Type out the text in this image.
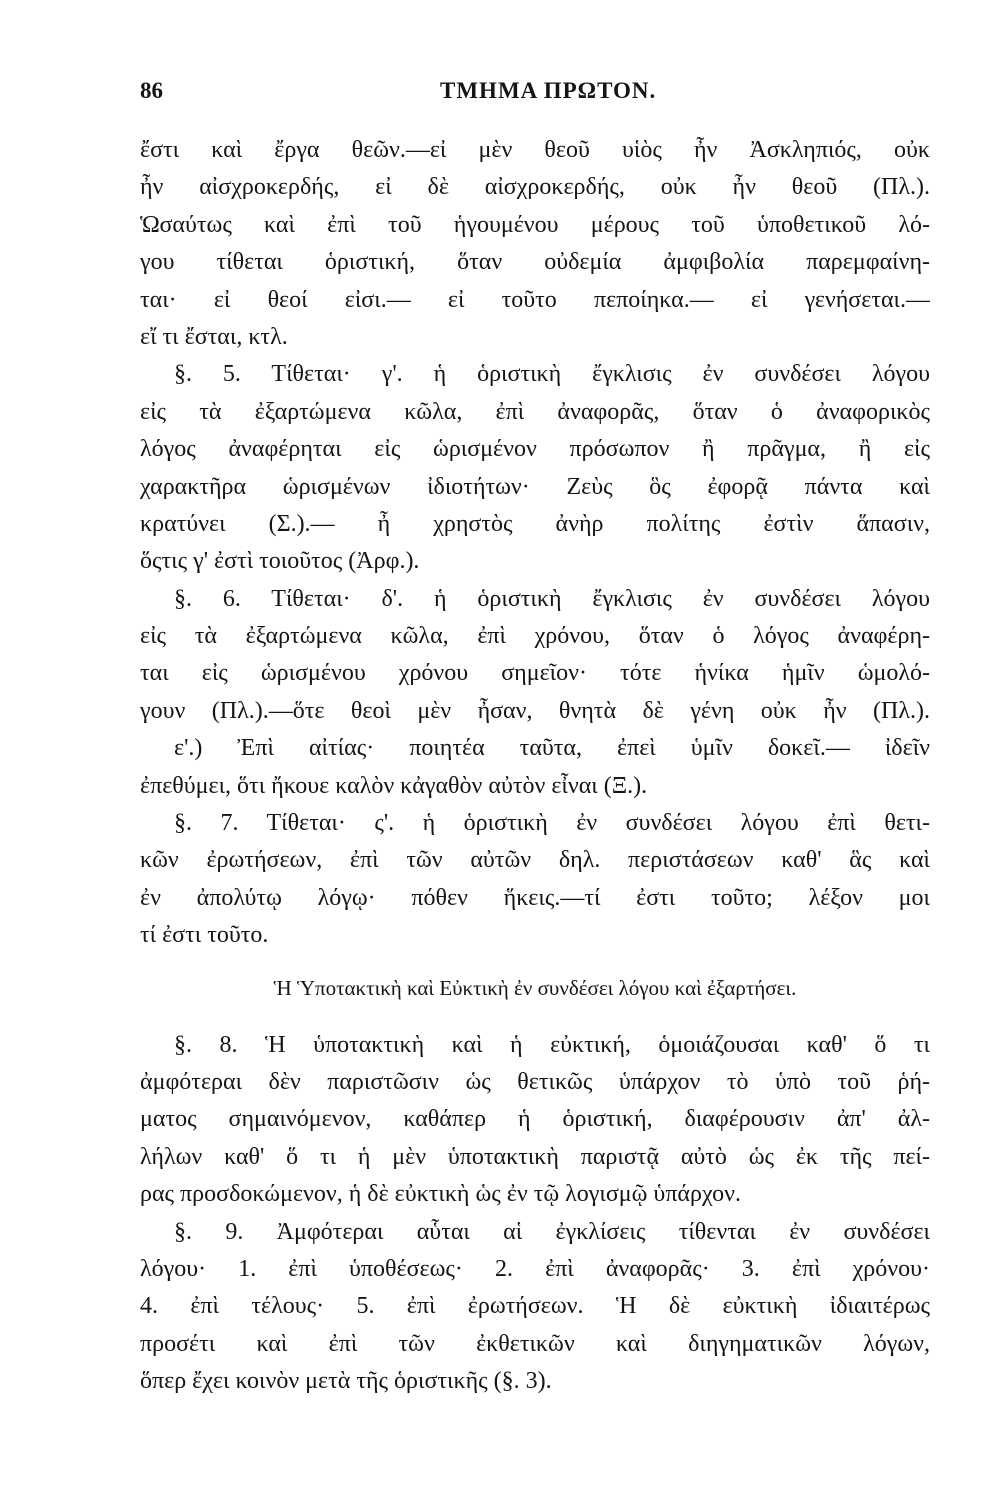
86	ΤΜΗΜΑ ΠΡΩΤΟΝ.
ἔστι καὶ ἔργα θεῶν.—εἰ μὲν θεοῦ υἱὸς ἦν Ἀσκληπιός, οὐκ
ἦν αἰσχροκερδής, εἰ δὲ αἰσχροκερδής, οὐκ ἦν θεοῦ (Πλ.).
Ὡσαύτως καὶ ἐπὶ τοῦ ἡγουμένου μέρους τοῦ ὑποθετικοῦ λό-
γου τίθεται ὁριστική, ὅταν οὐδεμία ἀμφιβολία παρεμφαίνη-
ται· εἰ θεοί εἰσι.— εἰ τοῦτο πεποίηκα.— εἰ γενήσεται.—
εἴ τι ἔσται, κτλ.
§. 5. Τίθεται· γ'. ἡ ὁριστικὴ ἔγκλισις ἐν συνδέσει λόγου
εἰς τὰ ἐξαρτώμενα κῶλα, ἐπὶ ἀναφορᾶς, ὅταν ὁ ἀναφορικὸς
λόγος ἀναφέρηται εἰς ὡρισμένον πρόσωπον ἢ πρᾶγμα, ἢ εἰς
χαρακτῆρα ὡρισμένων ἰδιοτήτων· Ζεὺς ὃς ἐφορᾷ πάντα καὶ
κρατύνει (Σ.).— ἦ χρηστὸς ἀνὴρ πολίτης ἐστὶν ἅπασιν,
ὅςτις γ' ἐστὶ τοιοῦτος (Ἀρφ.).
§. 6. Τίθεται· δ'. ἡ ὁριστικὴ ἔγκλισις ἐν συνδέσει λόγου
εἰς τὰ ἐξαρτώμενα κῶλα, ἐπὶ χρόνου, ὅταν ὁ λόγος ἀναφέρη-
ται εἰς ὡρισμένου χρόνου σημεῖον· τότε ἡνίκα ἡμῖν ὡμολό-
γουν (Πλ.).—ὅτε θεοὶ μὲν ἦσαν, θνητὰ δὲ γένη οὐκ ἦν (Πλ.).
ε'.) Ἐπὶ αἰτίας· ποιητέα ταῦτα, ἐπεὶ ὑμῖν δοκεῖ.— ἰδεῖν
ἐπεθύμει, ὅτι ἤκουε καλὸν κἀγαθὸν αὐτὸν εἶναι (Ξ.).
§. 7. Τίθεται· ς'. ἡ ὁριστικὴ ἐν συνδέσει λόγου ἐπὶ θετι-
κῶν ἐρωτήσεων, ἐπὶ τῶν αὐτῶν δηλ. περιστάσεων καθ' ἃς καὶ
ἐν ἀπολύτῳ λόγῳ· πόθεν ἥκεις.—τί ἐστι τοῦτο; λέξον μοι
τί ἐστι τοῦτο.
Ἡ Ὑποτακτικὴ καὶ Εὐκτικὴ ἐν συνδέσει λόγου καὶ ἐξαρτήσει.
§. 8. Ἡ ὑποτακτικὴ καὶ ἡ εὐκτική, ὁμοιάζουσαι καθ' ὅ τι
ἀμφότεραι δὲν παριστῶσιν ὡς θετικῶς ὑπάρχον τὸ ὑπὸ τοῦ ῥή-
ματος σημαινόμενον, καθάπερ ἡ ὁριστική, διαφέρουσιν ἀπ' ἀλ-
λήλων καθ' ὅ τι ἡ μὲν ὑποτακτικὴ παριστᾷ αὐτὸ ὡς ἐκ τῆς πεί-
ρας προσδοκώμενον, ἡ δὲ εὐκτικὴ ὡς ἐν τῷ λογισμῷ ὑπάρχον.
§. 9. Ἀμφότεραι αὗται αἱ ἐγκλίσεις τίθενται ἐν συνδέσει
λόγου· 1. ἐπὶ ὑποθέσεως· 2. ἐπὶ ἀναφορᾶς· 3. ἐπὶ χρόνου·
4. ἐπὶ τέλους· 5. ἐπὶ ἐρωτήσεων. Ἡ δὲ εὐκτικὴ ἰδιαιτέρως
προσέτι καὶ ἐπὶ τῶν ἐκθετικῶν καὶ διηγηματικῶν λόγων,
ὅπερ ἔχει κοινὸν μετὰ τῆς ὁριστικῆς (§. 3).
